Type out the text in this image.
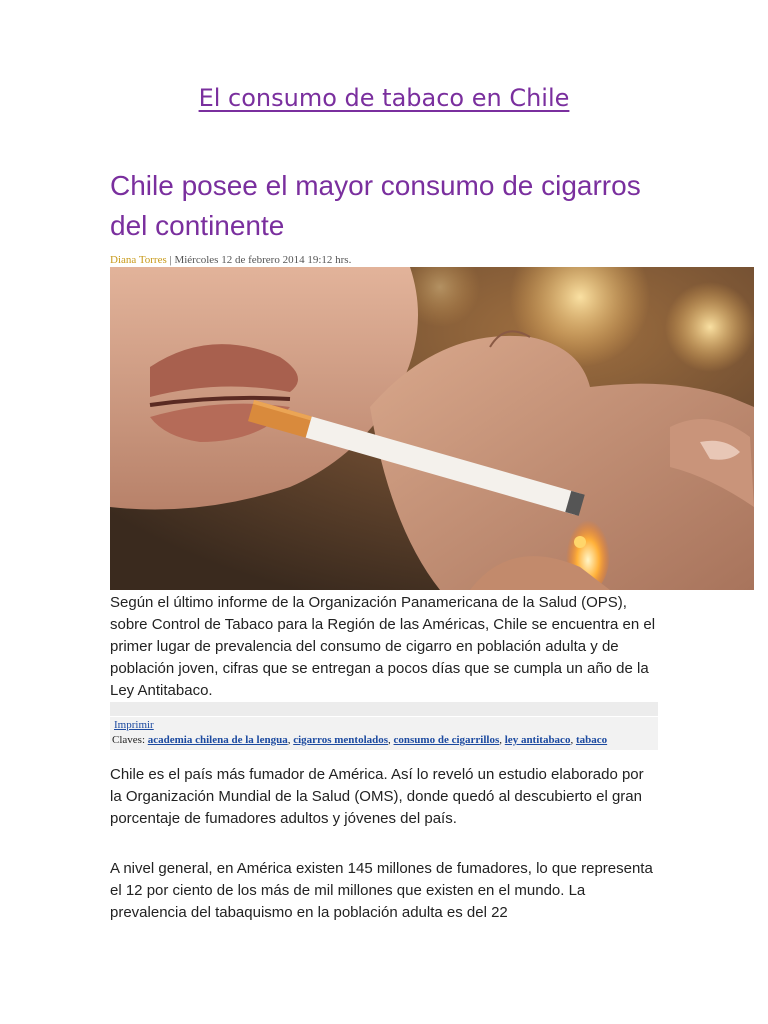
El consumo de tabaco en Chile
Chile posee el mayor consumo de cigarros del continente
Diana Torres | Miércoles 12 de febrero 2014 19:12 hrs.

Según el último informe de la Organización Panamericana de la Salud (OPS), sobre Control de Tabaco para la Región de las Américas, Chile se encuentra en el primer lugar de prevalencia del consumo de cigarro en población adulta y de población joven, cifras que se entregan a pocos días que se cumpla un año de la Ley Antitabaco.

Imprimir
Claves: academia chilena de la lengua, cigarros mentolados, consumo de cigarrillos, ley antitabaco, tabaco

Chile es el país más fumador de América. Así lo reveló un estudio elaborado por la Organización Mundial de la Salud (OMS), donde quedó al descubierto el gran porcentaje de fumadores adultos y jóvenes del país.

A nivel general, en América existen 145 millones de fumadores, lo que representa el 12 por ciento de los más de mil millones que existen en el mundo. La prevalencia del tabaquismo en la población adulta es del 22
